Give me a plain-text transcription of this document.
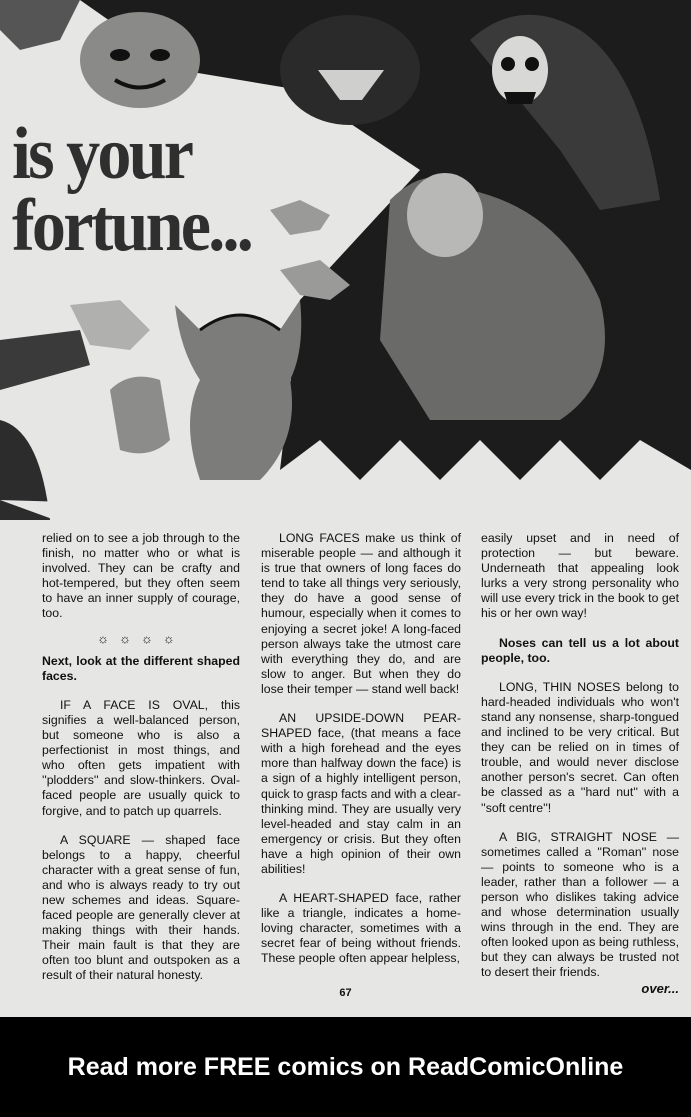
is your
fortune...

relied on to see a job through to the finish, no matter who or what is involved. They can be crafty and hot-tempered, but they often seem to have an inner supply of courage, too.

☼☼☼☼

Next, look at the different shaped faces.

IF A FACE IS OVAL, this signifies a well-balanced person, but someone who is also a perfectionist in most things, and who often gets impatient with ''plodders'' and slow-thinkers. Oval-faced people are usually quick to forgive, and to patch up quarrels.

A SQUARE — shaped face belongs to a happy, cheerful character with a great sense of fun, and who is always ready to try out new schemes and ideas. Square-faced people are generally clever at making things with their hands. Their main fault is that they are often too blunt and outspoken as a result of their natural honesty.

LONG FACES make us think of miserable people — and although it is true that owners of long faces do tend to take all things very seriously, they do have a good sense of humour, especially when it comes to enjoying a secret joke! A long-faced person always take the utmost care with everything they do, and are slow to anger. But when they do lose their temper — stand well back!

AN UPSIDE-DOWN PEAR-SHAPED face, (that means a face with a high forehead and the eyes more than halfway down the face) is a sign of a highly intelligent person, quick to grasp facts and with a clear-thinking mind. They are usually very level-headed and stay calm in an emergency or crisis. But they often have a high opinion of their own abilities!

A HEART-SHAPED face, rather like a triangle, indicates a home-loving character, sometimes with a secret fear of being without friends. These people often appear helpless,

easily upset and in need of protection — but beware. Underneath that appealing look lurks a very strong personality who will use every trick in the book to get his or her own way!

Noses can tell us a lot about people, too.

LONG, THIN NOSES belong to hard-headed individuals who won't stand any nonsense, sharp-tongued and inclined to be very critical. But they can be relied on in times of trouble, and would never disclose another person's secret. Can often be classed as a ''hard nut'' with a ''soft centre''!

A BIG, STRAIGHT NOSE — sometimes called a ''Roman'' nose — points to someone who is a leader, rather than a follower — a person who dislikes taking advice and whose determination usually wins through in the end. They are often looked upon as being ruthless, but they can always be trusted not to desert their friends.

over...

67
Read more FREE comics on ReadComicOnline
